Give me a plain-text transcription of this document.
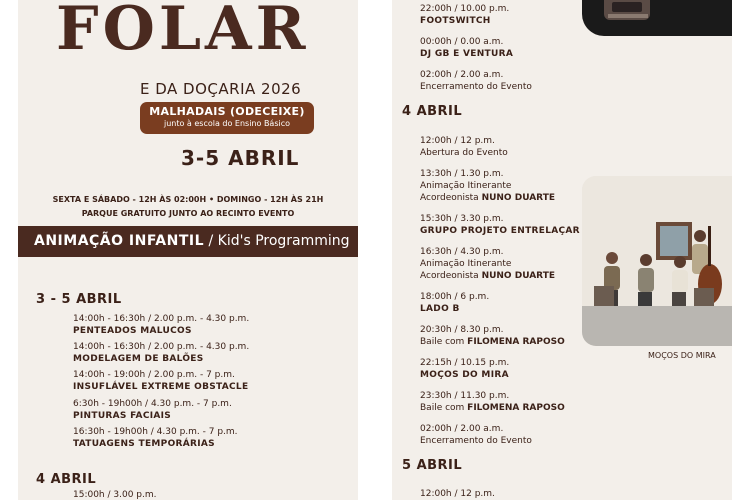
FOLAR
E DA DOÇARIA 2026
MALHADAIS (ODECEIXE)
junto à escola do Ensino Básico
3-5 ABRIL
SEXTA E SÁBADO - 12H ÀS 02:00H • DOMINGO - 12H ÀS 21H
PARQUE GRATUITO JUNTO AO RECINTO EVENTO
ANIMAÇÃO INFANTIL / Kid's Programming
3 - 5 ABRIL
14:00h - 16:30h / 2.00 p.m. - 4.30 p.m.
PENTEADOS MALUCOS
14:00h - 16:30h / 2.00 p.m. - 4.30 p.m.
MODELAGEM DE BALÕES
14:00h - 19:00h / 2.00 p.m. - 7 p.m.
INSUFLÁVEL EXTREME OBSTACLE
6:30h - 19h00h / 4.30 p.m. - 7 p.m.
PINTURAS FACIAIS
16:30h - 19h00h / 4.30 p.m. - 7 p.m.
TATUAGENS TEMPORÁRIAS
4 ABRIL
15:00h / 3.00 p.m.
22:00h / 10.00 p.m.
FOOTSWITCH
00:00h / 0.00 a.m.
DJ GB E VENTURA
02:00h / 2.00 a.m.
Encerramento do Evento
4 ABRIL
12:00h / 12 p.m.
Abertura do Evento
13:30h / 1.30 p.m.
Animação Itinerante
Acordeonista NUNO DUARTE
15:30h / 3.30 p.m.
GRUPO PROJETO ENTRELAÇAR
16:30h / 4.30 p.m.
Animação Itinerante
Acordeonista NUNO DUARTE
18:00h / 6 p.m.
LADO B
20:30h / 8.30 p.m.
Baile com FILOMENA RAPOSO
22:15h / 10.15 p.m.
MOÇOS DO MIRA
23:30h / 11.30 p.m.
Baile com FILOMENA RAPOSO
02:00h / 2.00 a.m.
Encerramento do Evento
5 ABRIL
12:00h / 12 p.m.
MOÇOS DO MIRA
